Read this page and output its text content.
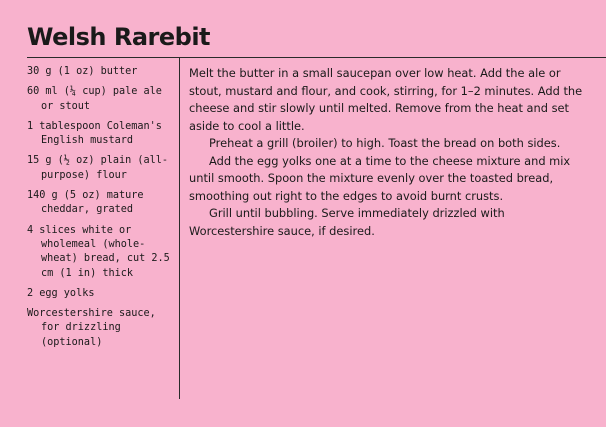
Welsh Rarebit
30 g (1 oz) butter
60 ml (¼ cup) pale ale or stout
1 tablespoon Coleman's English mustard
15 g (½ oz) plain (all-purpose) flour
140 g (5 oz) mature cheddar, grated
4 slices white or wholemeal (whole-wheat) bread, cut 2.5 cm (1 in) thick
2 egg yolks
Worcestershire sauce, for drizzling (optional)

Melt the butter in a small saucepan over low heat. Add the ale or stout, mustard and flour, and cook, stirring, for 1–2 minutes. Add the cheese and stir slowly until melted. Remove from the heat and set aside to cool a little.

Preheat a grill (broiler) to high. Toast the bread on both sides.

Add the egg yolks one at a time to the cheese mixture and mix until smooth. Spoon the mixture evenly over the toasted bread, smoothing out right to the edges to avoid burnt crusts.

Grill until bubbling. Serve immediately drizzled with Worcestershire sauce, if desired.
